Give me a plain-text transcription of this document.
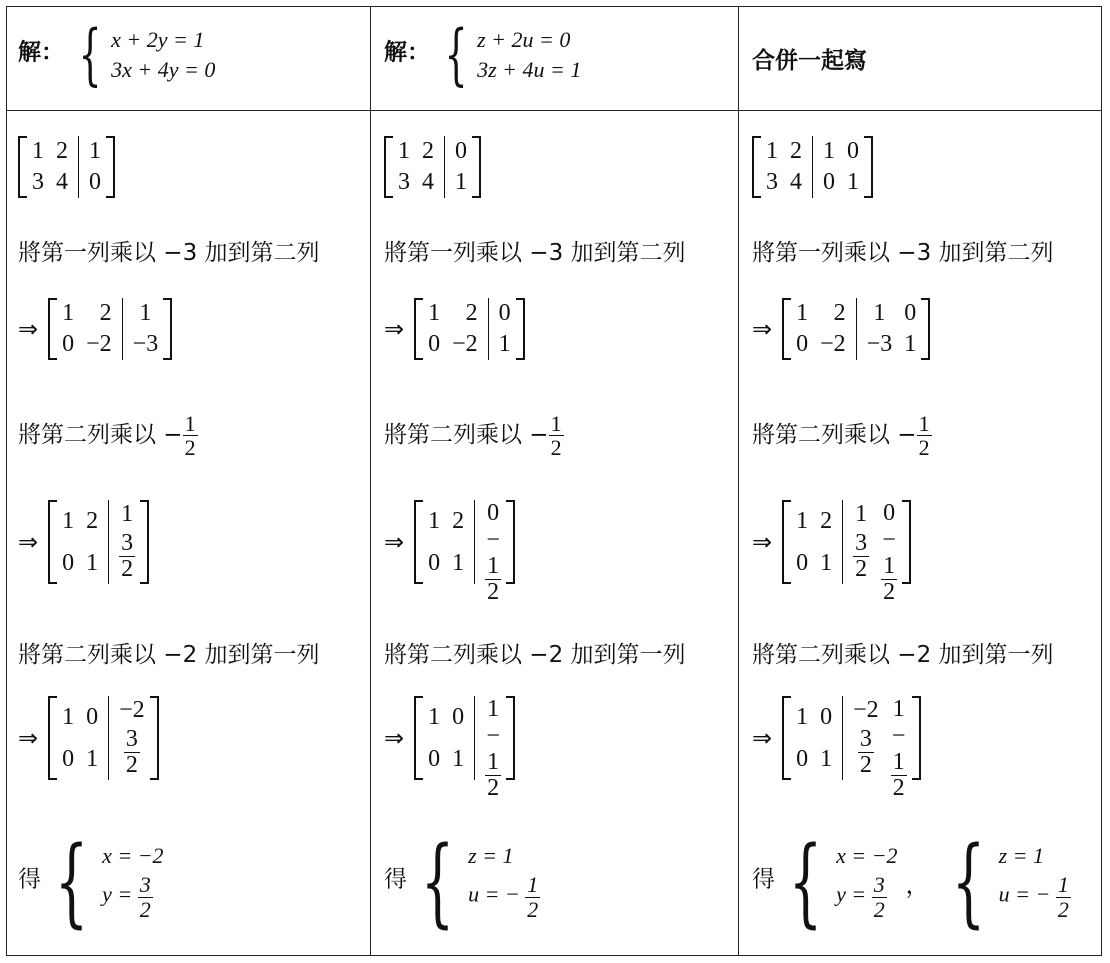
解： { x + 2y = 1
3x + 4y = 0
解： { z + 2u = 0
3z + 4u = 1	合併一起寫
1
3
2
4
1
0
將第一列乘以 −3 加到第二列
⇒
1
0
2
−2
1
−3
將第二列乘以 − $\frac{1}{2}$
⇒
1
0
2
1
1
$\frac{3}{2}$
將第二列乘以 −2 加到第一列
⇒
1
0
0
1
−2
$\frac{3}{2}$
得 { x = −2
$y = \frac{3}{2}$
1
3
2
4
0
1
將第一列乘以 −3 加到第二列
⇒
1
0
2
−2
0
1
將第二列乘以 − $\frac{1}{2}$
⇒
1
0
2
1
0
−
$\frac{1}{2}$
將第二列乘以 −2 加到第一列
⇒
1
0
0
1
1
−
$\frac{1}{2}$
得 { z = 1
u = − $\frac{1}{2}$
1
3
2
4
1
0
0
1
將第一列乘以 −3 加到第二列
⇒
1
0
2
−2
1
−3
0
1
將第二列乘以 − $\frac{1}{2}$
⇒
1
0
2
1
1
$\frac{3}{2}$
0
−
$\frac{1}{2}$
將第二列乘以 −2 加到第一列
⇒
1
0
0
1
−2
$\frac{3}{2}$
1
−
$\frac{1}{2}$
得 { x = −2
$y = \frac{3}{2}$ ， { z = 1
u = − $\frac{1}{2}$
